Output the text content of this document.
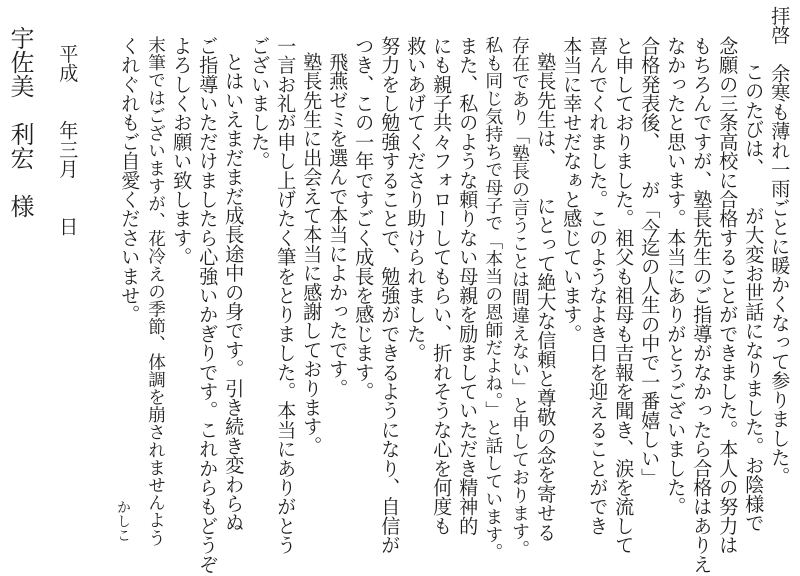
拝啓　余寒も薄れ一雨ごとに暖かくなって参りました。
このたびは、　　が大変お世話になりました。お陰様で
念願の三条高校に合格することができました。本人の努力は
もちろんですが、塾長先生のご指導がなかったら合格はありえ
なかったと思います。本当にありがとうございました。
合格発表後、　　が「今迄の人生の中で一番嬉しい」
と申しておりました。祖父も祖母も吉報を聞き、涙を流して
喜んでくれました。このようなよき日を迎えることができ
本当に幸せだなぁと感じています。
塾長先生は、　　にとって絶大な信頼と尊敬の念を寄せる
存在であり「塾長の言うことは間違えない」と申しております。
私も同じ気持ちで母子で「本当の恩師だよね。」と話しています。
また、私のような頼りない母親を励ましていただき精神的
にも親子共々フォローしてもらい、折れそうな心を何度も
救いあげてくださり助けられました。
努力をし勉強することで、勉強ができるようになり、自信が
つき、この一年ですごく成長を感じます。
飛燕ゼミを選んで本当によかったです。
塾長先生に出会えて本当に感謝しております。
一言お礼が申し上げたく筆をとりました。本当にありがとう
ございました。
とはいえまだまだ成長途中の身です。引き続き変わらぬ
ご指導いただけましたら心強いかぎりです。これからもどうぞ
よろしくお願い致します。
末筆ではございますが、花冷えの季節、体調を崩されませんよう
くれぐれもご自愛くださいませ。
かしこ
平成　　年三月　　日
宇佐美　利宏　様
